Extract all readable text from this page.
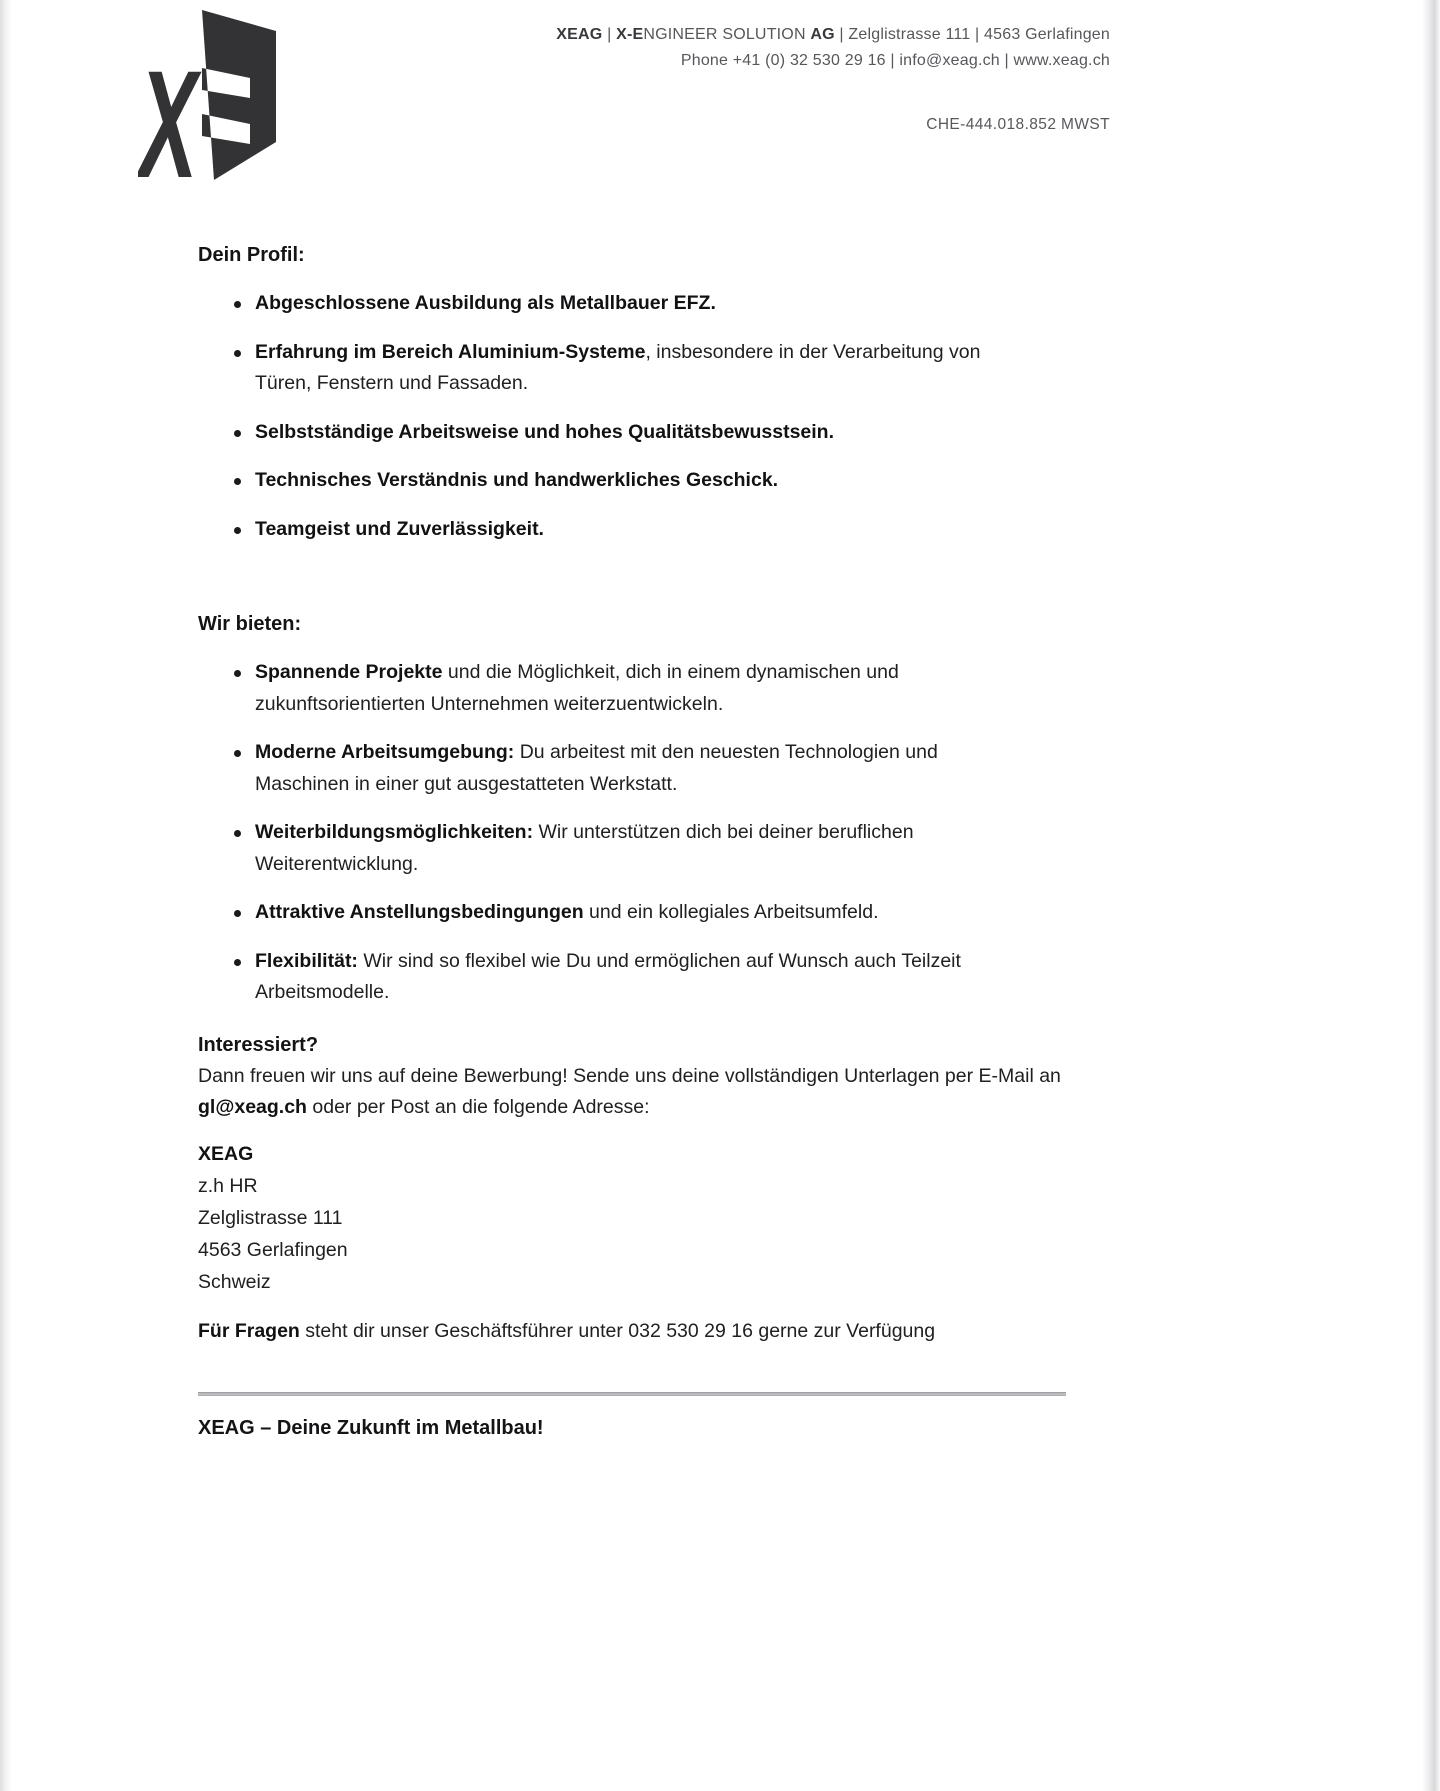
X
XEAG | X-ENGINEER SOLUTION AG | Zelglistrasse 111 | 4563 Gerlafingen
Phone +41 (0) 32 530 29 16 | info@xeag.ch | www.xeag.ch
CHE-444.018.852 MWST
Dein Profil:
Abgeschlossene Ausbildung als Metallbauer EFZ.
Erfahrung im Bereich Aluminium-Systeme, insbesondere in der Verarbeitung von Türen, Fenstern und Fassaden.
Selbstständige Arbeitsweise und hohes Qualitätsbewusstsein.
Technisches Verständnis und handwerkliches Geschick.
Teamgeist und Zuverlässigkeit.
Wir bieten:
Spannende Projekte und die Möglichkeit, dich in einem dynamischen und zukunftsorientierten Unternehmen weiterzuentwickeln.
Moderne Arbeitsumgebung: Du arbeitest mit den neuesten Technologien und Maschinen in einer gut ausgestatteten Werkstatt.
Weiterbildungsmöglichkeiten: Wir unterstützen dich bei deiner beruflichen Weiterentwicklung.
Attraktive Anstellungsbedingungen und ein kollegiales Arbeitsumfeld.
Flexibilität: Wir sind so flexibel wie Du und ermöglichen auf Wunsch auch Teilzeit Arbeitsmodelle.
Interessiert?

Dann freuen wir uns auf deine Bewerbung! Sende uns deine vollständigen Unterlagen per E-Mail an gl@xeag.ch oder per Post an die folgende Adresse:

XEAG
z.h HR
Zelglistrasse 111
4563 Gerlafingen
Schweiz

Für Fragen steht dir unser Geschäftsführer unter 032 530 29 16 gerne zur Verfügung

XEAG – Deine Zukunft im Metallbau!
